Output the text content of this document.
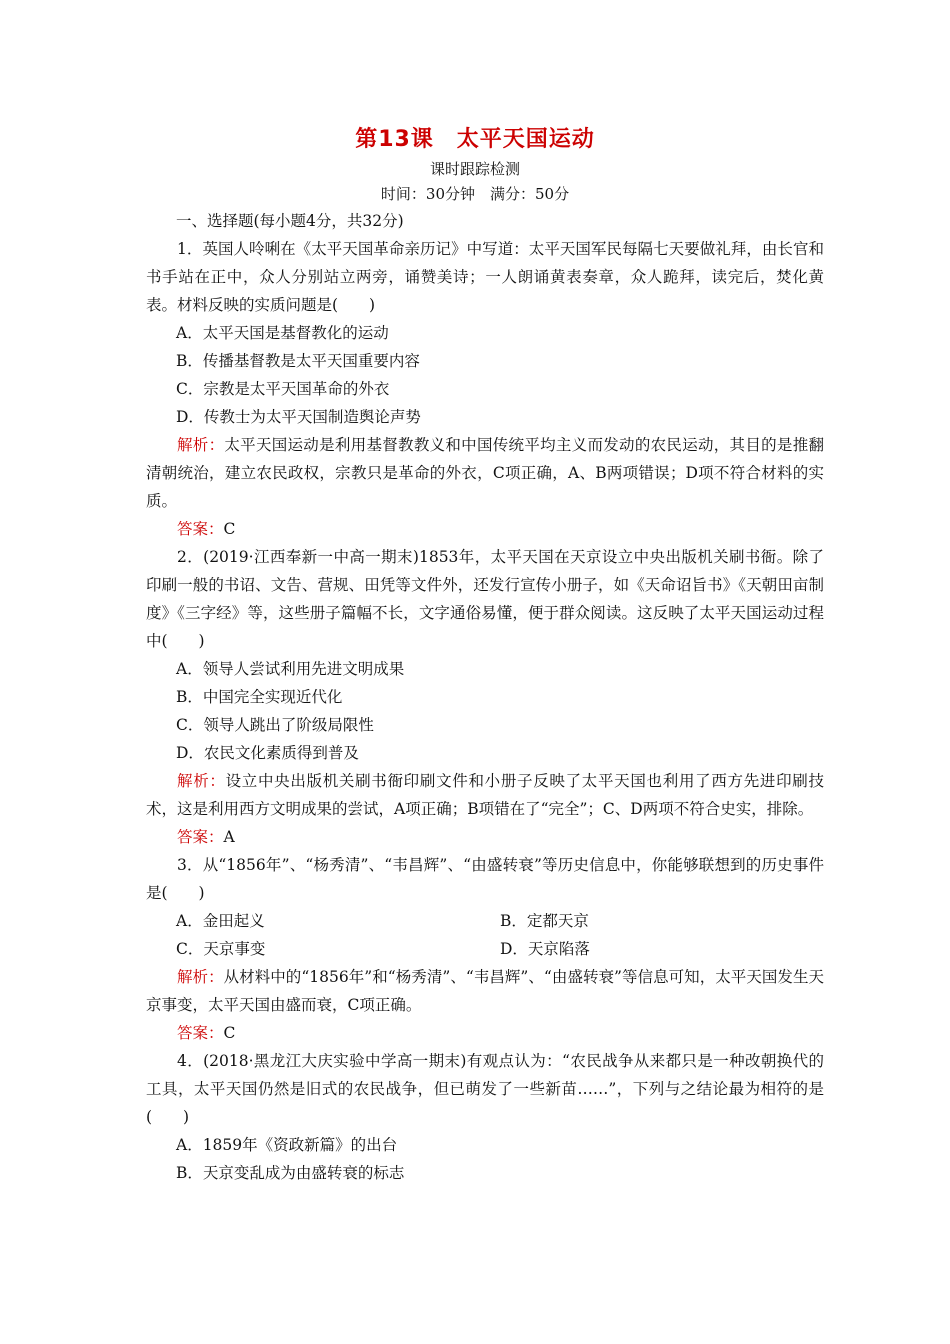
第13课　太平天国运动
课时跟踪检测
时间：30分钟　满分：50分

一、选择题(每小题4分，共32分)

1．英国人呤唎在《太平天国革命亲历记》中写道：太平天国军民每隔七天要做礼拜，由长官和书手站在正中，众人分别站立两旁，诵赞美诗；一人朗诵黄表奏章，众人跪拜，读完后，焚化黄表。材料反映的实质问题是(　　)

A．太平天国是基督教化的运动

B．传播基督教是太平天国重要内容

C．宗教是太平天国革命的外衣

D．传教士为太平天国制造舆论声势

解析：太平天国运动是利用基督教教义和中国传统平均主义而发动的农民运动，其目的是推翻清朝统治，建立农民政权，宗教只是革命的外衣，C项正确，A、B两项错误；D项不符合材料的实质。

答案：C

2．(2019·江西奉新一中高一期末)1853年，太平天国在天京设立中央出版机关刷书衙。除了印刷一般的书诏、文告、营规、田凭等文件外，还发行宣传小册子，如《天命诏旨书》《天朝田亩制度》《三字经》等，这些册子篇幅不长，文字通俗易懂，便于群众阅读。这反映了太平天国运动过程中(　　)

A．领导人尝试利用先进文明成果

B．中国完全实现近代化

C．领导人跳出了阶级局限性

D．农民文化素质得到普及

解析：设立中央出版机关刷书衙印刷文件和小册子反映了太平天国也利用了西方先进印刷技术，这是利用西方文明成果的尝试，A项正确；B项错在了“完全”；C、D两项不符合史实，排除。

答案：A

3．从“1856年”、“杨秀清”、“韦昌辉”、“由盛转衰”等历史信息中，你能够联想到的历史事件是(　　)

A．金田起义	B．定都天京
C．天京事变	D．天京陷落

解析：从材料中的“1856年”和“杨秀清”、“韦昌辉”、“由盛转衰”等信息可知，太平天国发生天京事变，太平天国由盛而衰，C项正确。

答案：C

4．(2018·黑龙江大庆实验中学高一期末)有观点认为：“农民战争从来都只是一种改朝换代的工具，太平天国仍然是旧式的农民战争，但已萌发了一些新苗……”，下列与之结论最为相符的是(　　)

A．1859年《资政新篇》的出台

B．天京变乱成为由盛转衰的标志
